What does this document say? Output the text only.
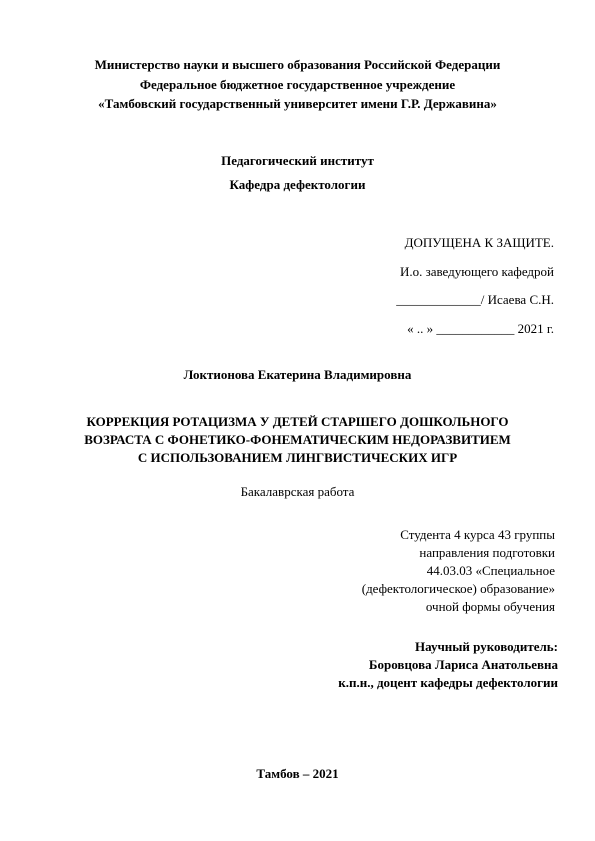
Министерство науки и высшего образования Российской Федерации
Федеральное бюджетное государственное учреждение
«Тамбовский государственный университет имени Г.Р. Державина»
Педагогический институт
Кафедра дефектологии
ДОПУЩЕНА К ЗАЩИТЕ.
И.о. заведующего кафедрой
_____________/ Исаева С.Н.
« .. » ____________ 2021 г.
Локтионова Екатерина Владимировна
КОРРЕКЦИЯ РОТАЦИЗМА У ДЕТЕЙ СТАРШЕГО ДОШКОЛЬНОГО
ВОЗРАСТА С ФОНЕТИКО-ФОНЕМАТИЧЕСКИМ НЕДОРАЗВИТИЕМ
С ИСПОЛЬЗОВАНИЕМ ЛИНГВИСТИЧЕСКИХ ИГР
Бакалаврская работа
Студента 4 курса 43 группы
направления подготовки
44.03.03 «Специальное
(дефектологическое) образование»
очной формы обучения
Научный руководитель:
Боровцова Лариса Анатольевна
к.п.н., доцент кафедры дефектологии
Тамбов – 2021
